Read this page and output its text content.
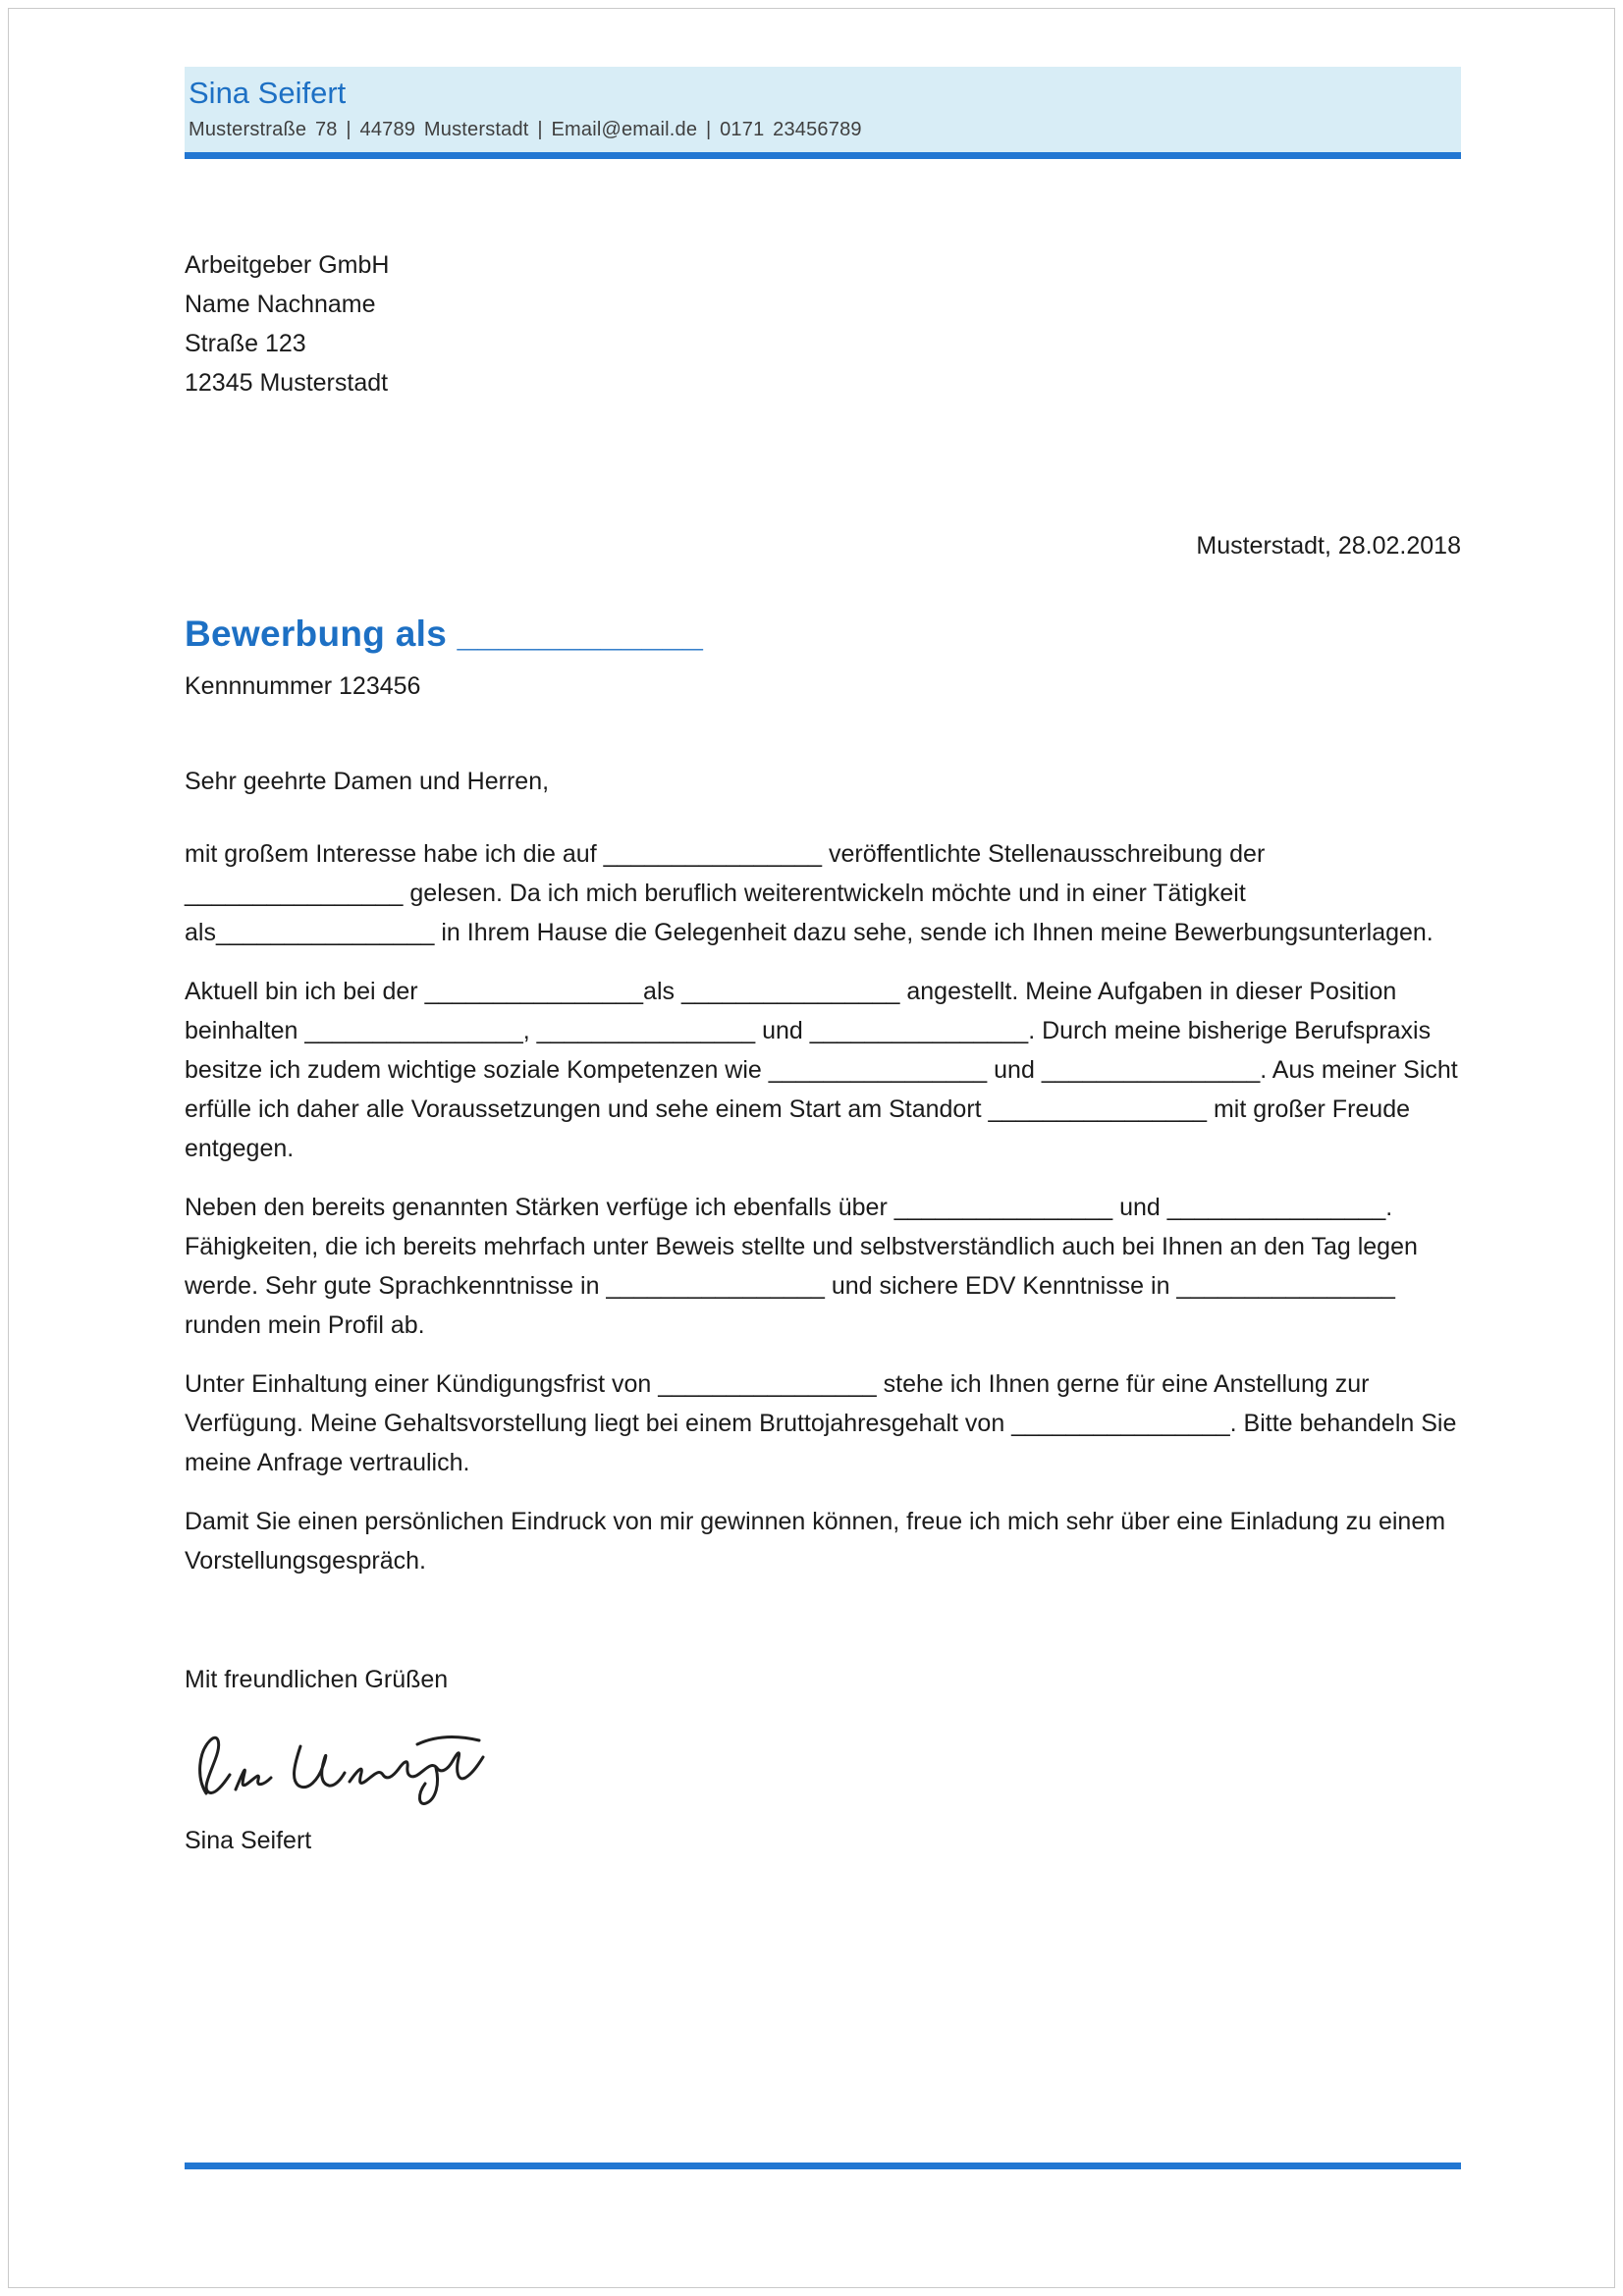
Sina Seifert
Musterstraße 78 | 44789 Musterstadt | Email@email.de | 0171 23456789
Arbeitgeber GmbH
Name Nachname
Straße 123
12345 Musterstadt
Musterstadt, 28.02.2018
Bewerbung als ____________
Kennnummer 123456

Sehr geehrte Damen und Herren,

mit großem Interesse habe ich die auf ________________ veröffentlichte Stellenausschreibung der ________________ gelesen. Da ich mich beruflich weiterentwickeln möchte und in einer Tätigkeit als________________ in Ihrem Hause die Gelegenheit dazu sehe, sende ich Ihnen meine Bewerbungsunterlagen.

Aktuell bin ich bei der ________________als ________________ angestellt. Meine Aufgaben in dieser Position beinhalten ________________, ________________ und ________________. Durch meine bisherige Berufspraxis besitze ich zudem wichtige soziale Kompetenzen wie ________________ und ________________. Aus meiner Sicht erfülle ich daher alle Voraussetzungen und sehe einem Start am Standort ________________ mit großer Freude entgegen.

Neben den bereits genannten Stärken verfüge ich ebenfalls über ________________ und ________________. Fähigkeiten, die ich bereits mehrfach unter Beweis stellte und selbstverständlich auch bei Ihnen an den Tag legen werde. Sehr gute Sprachkenntnisse in ________________ und sichere EDV Kenntnisse in ________________ runden mein Profil ab.

Unter Einhaltung einer Kündigungsfrist von ________________ stehe ich Ihnen gerne für eine Anstellung zur Verfügung. Meine Gehaltsvorstellung liegt bei einem Bruttojahresgehalt von ________________. Bitte behandeln Sie meine Anfrage vertraulich.

Damit Sie einen persönlichen Eindruck von mir gewinnen können, freue ich mich sehr über eine Einladung zu einem Vorstellungsgespräch.

Mit freundlichen Grüßen

Sina Seifert
